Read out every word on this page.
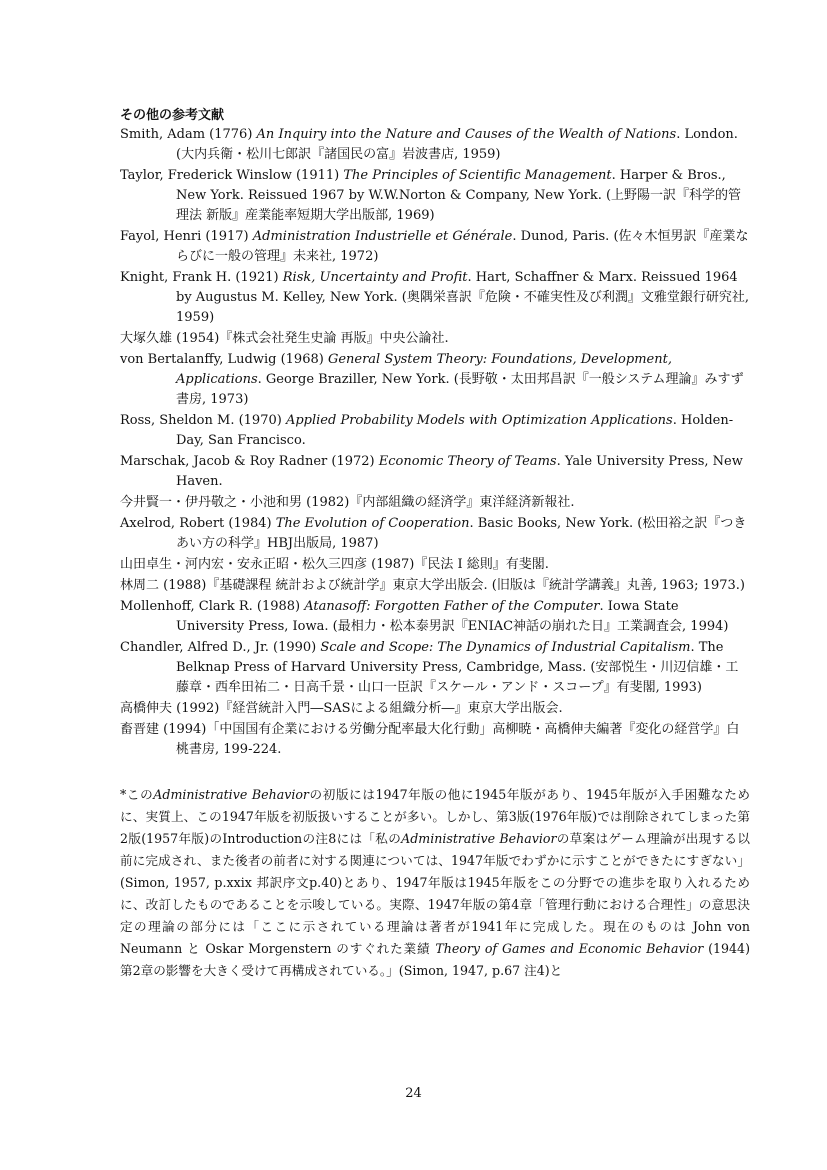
その他の参考文献
Smith, Adam (1776) An Inquiry into the Nature and Causes of the Wealth of Nations. London. (大内兵衛・松川七郎訳『諸国民の富』岩波書店, 1959)
Taylor, Frederick Winslow (1911) The Principles of Scientific Management. Harper & Bros., New York. Reissued 1967 by W.W.Norton & Company, New York. (上野陽一訳『科学的管理法 新版』産業能率短期大学出版部, 1969)
Fayol, Henri (1917) Administration Industrielle et Générale. Dunod, Paris. (佐々木恒男訳『産業ならびに一般の管理』未来社, 1972)
Knight, Frank H. (1921) Risk, Uncertainty and Profit. Hart, Schaffner & Marx. Reissued 1964 by Augustus M. Kelley, New York. (奥隅栄喜訳『危険・不確実性及び利潤』文雅堂銀行研究社, 1959)
大塚久雄 (1954)『株式会社発生史論 再版』中央公論社.
von Bertalanffy, Ludwig (1968) General System Theory: Foundations, Development, Applications. George Braziller, New York. (長野敬・太田邦昌訳『一般システム理論』みすず書房, 1973)
Ross, Sheldon M. (1970) Applied Probability Models with Optimization Applications. Holden-Day, San Francisco.
Marschak, Jacob & Roy Radner (1972) Economic Theory of Teams. Yale University Press, New Haven.
今井賢一・伊丹敬之・小池和男 (1982)『内部組織の経済学』東洋経済新報社.
Axelrod, Robert (1984) The Evolution of Cooperation. Basic Books, New York. (松田裕之訳『つきあい方の科学』HBJ出版局, 1987)
山田卓生・河内宏・安永正昭・松久三四彦 (1987)『民法 I 総則』有斐閣.
林周二 (1988)『基礎課程 統計および統計学』東京大学出版会. (旧版は『統計学講義』丸善, 1963; 1973.)
Mollenhoff, Clark R. (1988) Atanasoff: Forgotten Father of the Computer. Iowa State University Press, Iowa. (最相力・松本泰男訳『ENIAC神話の崩れた日』工業調査会, 1994)
Chandler, Alfred D., Jr. (1990) Scale and Scope: The Dynamics of Industrial Capitalism. The Belknap Press of Harvard University Press, Cambridge, Mass. (安部悦生・川辺信雄・工藤章・西牟田祐二・日高千景・山口一臣訳『スケール・アンド・スコープ』有斐閣, 1993)
高橋伸夫 (1992)『経営統計入門―SASによる組織分析―』東京大学出版会.
畜晋建 (1994)「中国国有企業における労働分配率最大化行動」高柳暁・高橋伸夫編著『変化の経営学』白桃書房, 199-224.
*このAdministrative Behaviorの初版には1947年版の他に1945年版があり、1945年版が入手困難なために、実質上、この1947年版を初版扱いすることが多い。しかし、第3版(1976年版)では削除されてしまった第2版(1957年版)のIntroductionの注8には「私のAdministrative Behaviorの草案はゲーム理論が出現する以前に完成され、また後者の前者に対する関連については、1947年版でわずかに示すことができたにすぎない」(Simon, 1957, p.xxix 邦訳序文p.40)とあり、1947年版は1945年版をこの分野での進歩を取り入れるために、改訂したものであることを示唆している。実際、1947年版の第4章「管理行動における合理性」の意思決定の理論の部分には「ここに示されている理論は著者が1941年に完成した。現在のものは John von Neumann と Oskar Morgenstern のすぐれた業績 Theory of Games and Economic Behavior (1944) 第2章の影響を大きく受けて再構成されている。」(Simon, 1947, p.67 注4)と
24
